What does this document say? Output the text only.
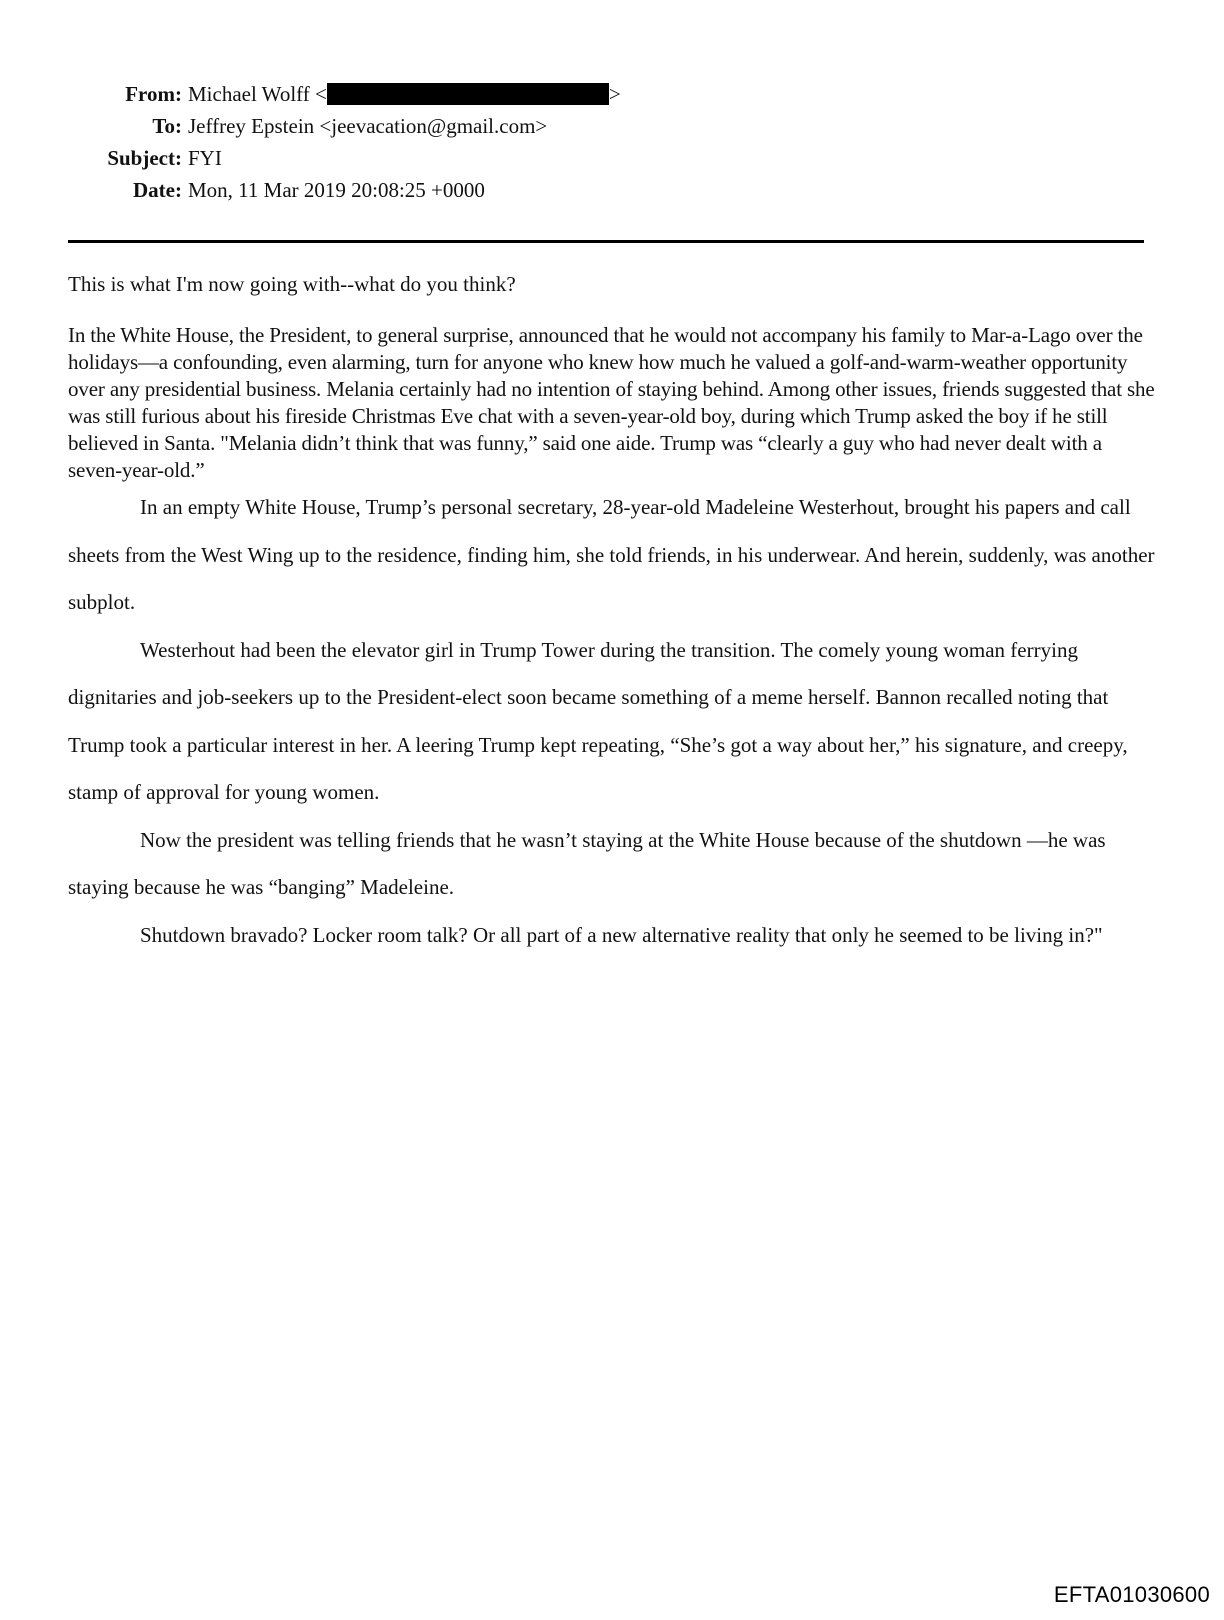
From: Michael Wolff <	>
To: Jeffrey Epstein <jeevacation@gmail.com>
Subject: FYI
Date: Mon, 11 Mar 2019 20:08:25 +0000

This is what I'm now going with--what do you think?

In the White House, the President, to general surprise, announced that he would not accompany his family to Mar-a-Lago over the holidays—a confounding, even alarming, turn for anyone who knew how much he valued a golf-and-warm-weather opportunity over any presidential business. Melania certainly had no intention of staying behind. Among other issues, friends suggested that she was still furious about his fireside Christmas Eve chat with a seven-year-old boy, during which Trump asked the boy if he still believed in Santa. "Melania didn’t think that was funny,” said one aide. Trump was “clearly a guy who had never dealt with a seven-year-old.”

In an empty White House, Trump’s personal secretary, 28-year-old Madeleine Westerhout, brought his papers and call sheets from the West Wing up to the residence, finding him, she told friends, in his underwear. And herein, suddenly, was another subplot.

Westerhout had been the elevator girl in Trump Tower during the transition. The comely young woman ferrying dignitaries and job-seekers up to the President-elect soon became something of a meme herself. Bannon recalled noting that Trump took a particular interest in her. A leering Trump kept repeating, “She’s got a way about her,” his signature, and creepy, stamp of approval for young women.

Now the president was telling friends that he wasn’t staying at the White House because of the shutdown —he was staying because he was “banging” Madeleine.

Shutdown bravado? Locker room talk? Or all part of a new alternative reality that only he seemed to be living in?"

EFTA01030600
